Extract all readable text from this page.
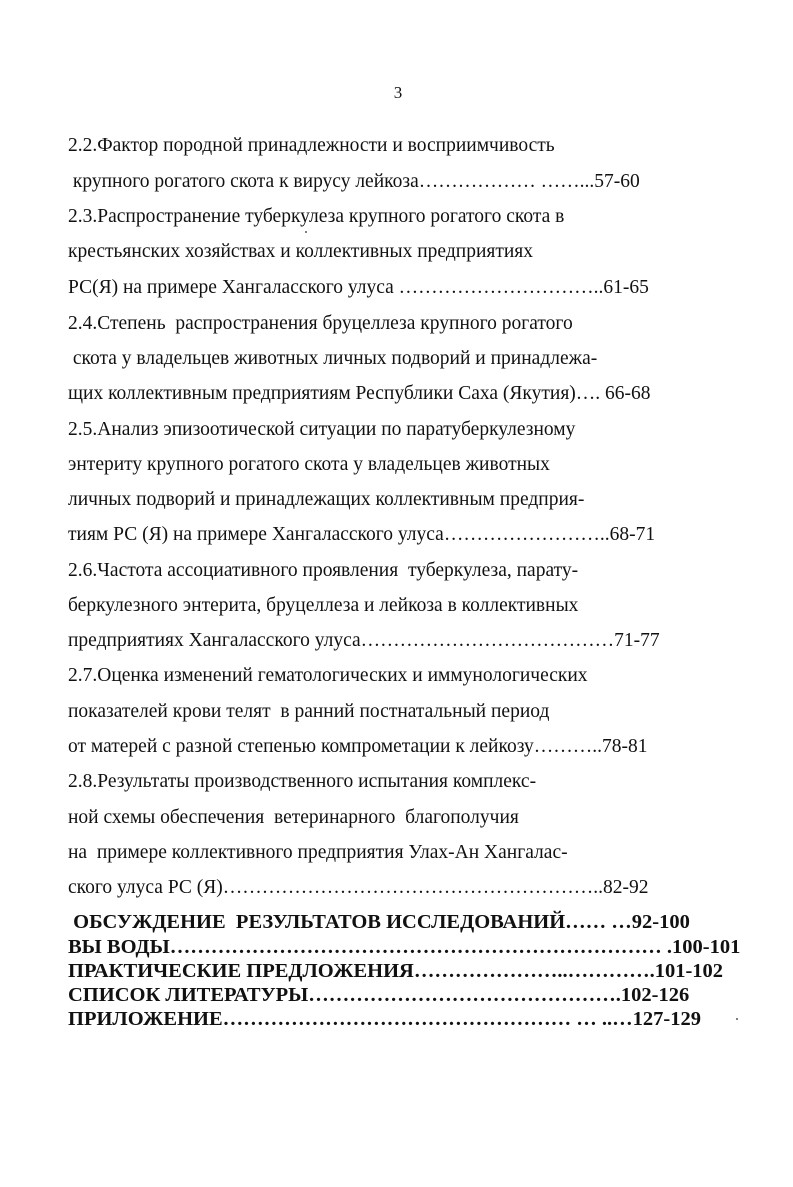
3
2.2.Фактор породной принадлежности и восприимчивость
крупного рогатого скота к вирусу лейкоза……………… ……...57-60
2.3.Распространение туберкулеза крупного рогатого скота в
крестьянских хозяйствах и коллективных предприятиях
РС(Я) на примере Хангаласского улуса …………………………..61-65
2.4.Степень  распространения бруцеллеза крупного рогатого
скота у владельцев животных личных подворий и принадлежа-
щих коллективным предприятиям Республики Саха (Якутия)…. 66-68
2.5.Анализ эпизоотической ситуации по паратуберкулезному
энтериту крупного рогатого скота у владельцев животных
личных подворий и принадлежащих коллективным предприя-
тиям РС (Я) на примере Хангаласского улуса……………………..68-71
2.6.Частота ассоциативного проявления  туберкулеза, парату-
беркулезного энтерита, бруцеллеза и лейкоза в коллективных
предприятиях Хангаласского улуса…………………………………71-77
2.7.Оценка изменений гематологических и иммунологических
показателей крови телят  в ранний постнатальный период
от матерей с разной степенью компрометации к лейкозу………..78-81
2.8.Результаты производственного испытания комплекс-
ной схемы обеспечения  ветеринарного  благополучия
на  примере коллективного предприятия Улах-Ан Хангалас-
ского улуса РС (Я)…………………………………………………..82-92
ОБСУЖДЕНИЕ  РЕЗУЛЬТАТОВ ИССЛЕДОВАНИЙ…… …92-100
ВЫ ВОДЫ……………………………………………………………… .100-101
ПРАКТИЧЕСКИЕ ПРЕДЛОЖЕНИЯ…………………..………….101-102
СПИСОК ЛИТЕРАТУРЫ……………………………………….102-126
ПРИЛОЖЕНИЕ…………………………………………… … ..…127-129
